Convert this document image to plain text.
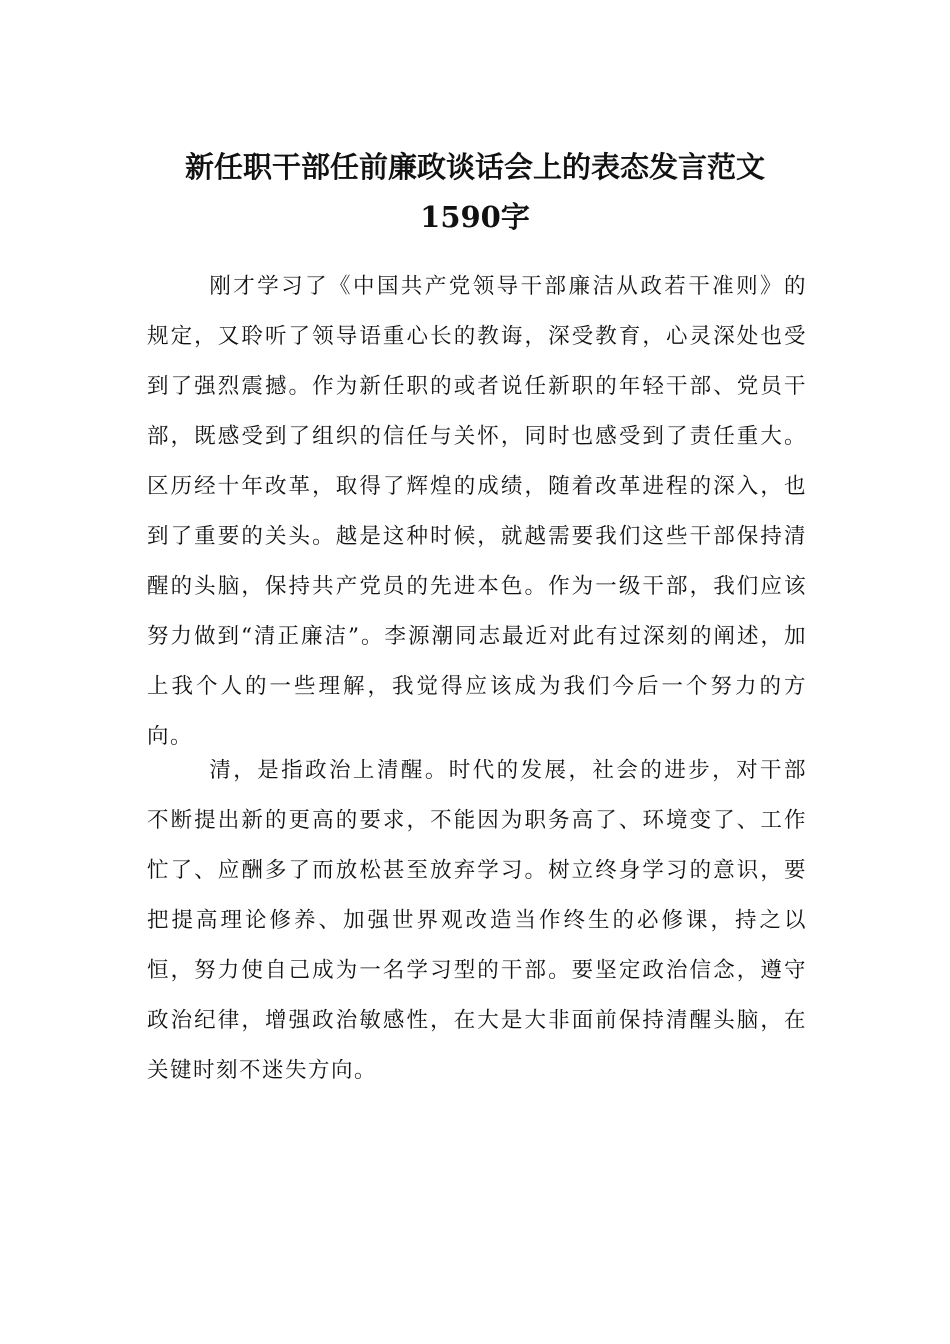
新任职干部任前廉政谈话会上的表态发言范文1590字

刚才学习了《中国共产党领导干部廉洁从政若干准则》的规定，又聆听了领导语重心长的教诲，深受教育，心灵深处也受到了强烈震撼。作为新任职的或者说任新职的年轻干部、党员干部，既感受到了组织的信任与关怀，同时也感受到了责任重大。区历经十年改革，取得了辉煌的成绩，随着改革进程的深入，也到了重要的关头。越是这种时候，就越需要我们这些干部保持清醒的头脑，保持共产党员的先进本色。作为一级干部，我们应该努力做到“清正廉洁”。李源潮同志最近对此有过深刻的阐述，加上我个人的一些理解，我觉得应该成为我们今后一个努力的方向。

清，是指政治上清醒。时代的发展，社会的进步，对干部不断提出新的更高的要求，不能因为职务高了、环境变了、工作忙了、应酬多了而放松甚至放弃学习。树立终身学习的意识，要把提高理论修养、加强世界观改造当作终生的必修课，持之以恒，努力使自己成为一名学习型的干部。要坚定政治信念，遵守政治纪律，增强政治敏感性，在大是大非面前保持清醒头脑，在关键时刻不迷失方向。
